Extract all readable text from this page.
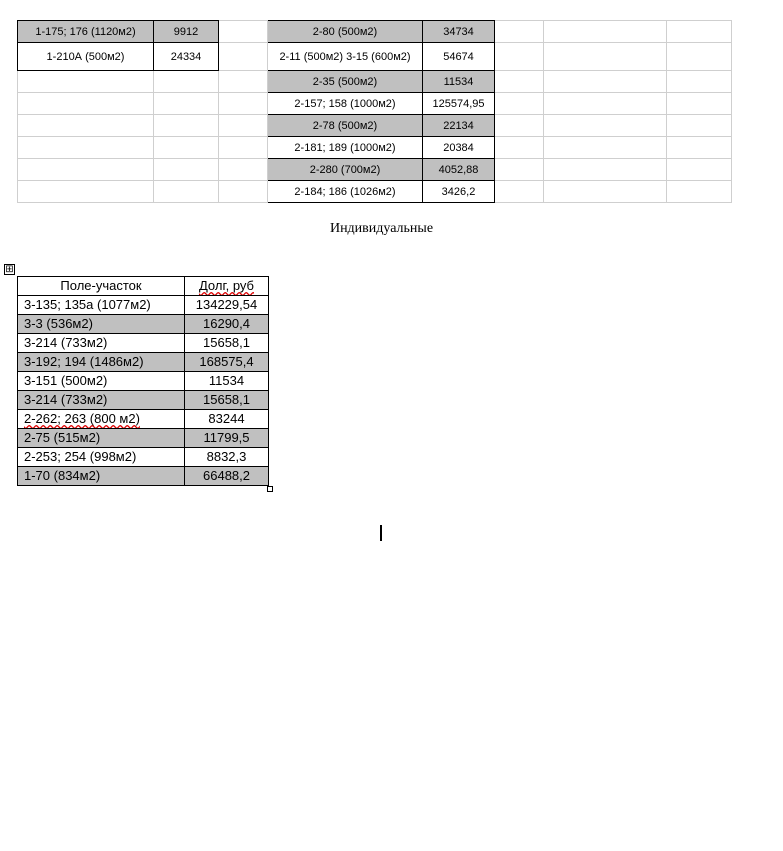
1-175; 176 (1120м2)	9912		2-80 (500м2)	34734			
1-210А (500м2)	24334		2-11 (500м2) 3-15 (600м2)	54674			
			2-35 (500м2)	11534			
			2-157; 158 (1000м2)	125574,95			
			2-78 (500м2)	22134			
			2-181; 189 (1000м2)	20384			
			2-280 (700м2)	4052,88			
			2-184; 186 (1026м2)	3426,2			
Индивидуальные
⊞
Поле-участок	Долг, руб
3-135; 135а (1077м2)	134229,54
3-3 (536м2)	16290,4
3-214 (733м2)	15658,1
3-192; 194 (1486м2)	168575,4
3-151 (500м2)	11534
3-214 (733м2)	15658,1
2-262; 263 (800 м2)	83244
2-75 (515м2)	11799,5
2-253; 254 (998м2)	8832,3
1-70 (834м2)	66488,2
